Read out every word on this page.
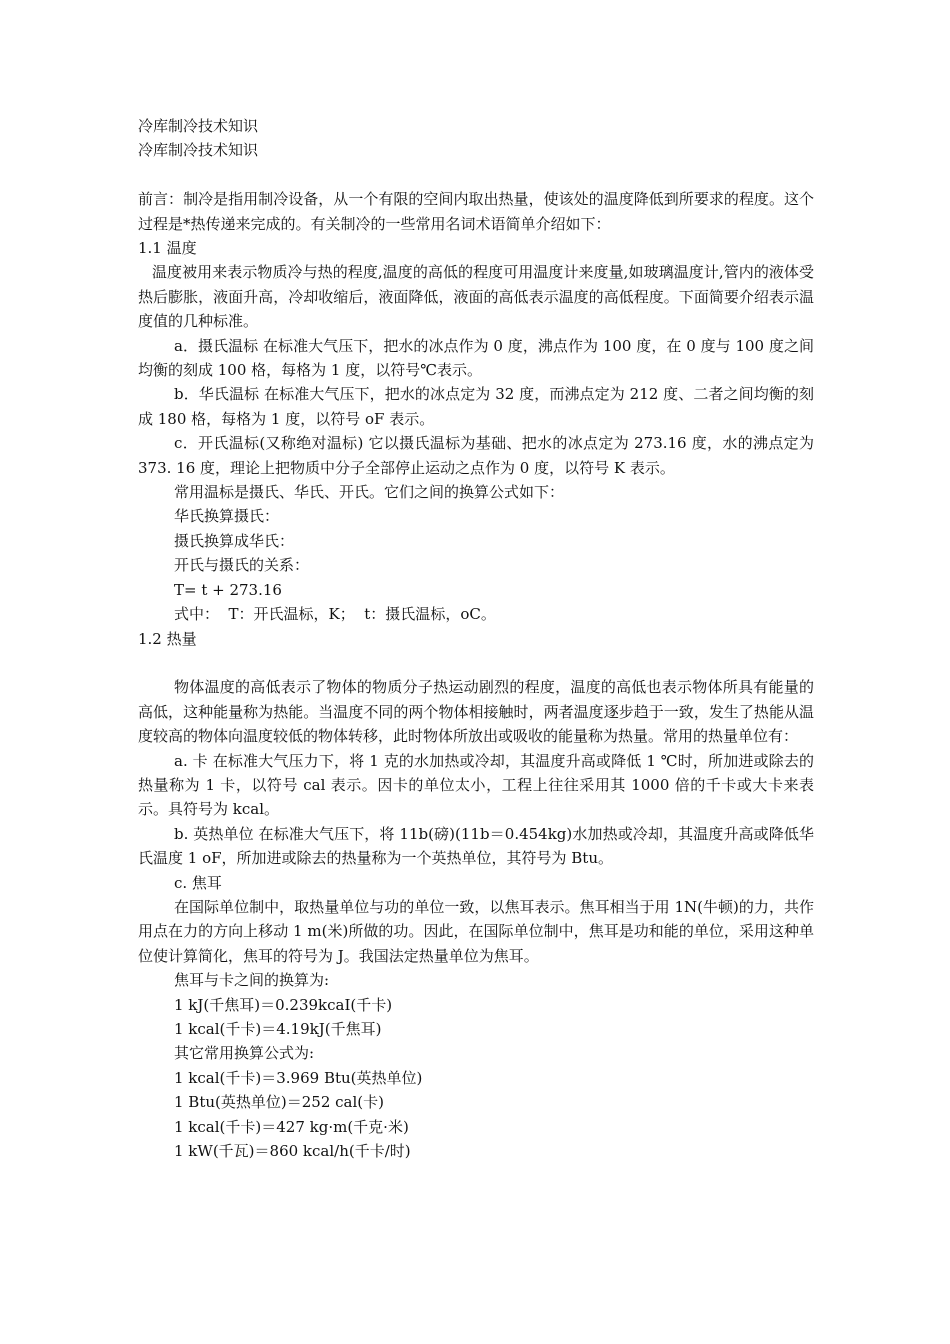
冷库制冷技术知识
冷库制冷技术知识
前言：制冷是指用制冷设备，从一个有限的空间内取出热量，使该处的温度降低到所要求的程度。这个过程是*热传递来完成的。有关制冷的一些常用名词术语简单介绍如下：
1.1 温度
温度被用来表示物质冷与热的程度,温度的高低的程度可用温度计来度量,如玻璃温度计,管内的液体受热后膨胀，液面升高，冷却收缩后，液面降低，液面的高低表示温度的高低程度。下面简要介绍表示温度值的几种标准。
a．摄氏温标 在标准大气压下，把水的冰点作为 0 度，沸点作为 100 度，在 0 度与 100 度之间均衡的刻成 100 格，每格为 1 度，以符号℃表示。
b．华氏温标 在标准大气压下，把水的冰点定为 32 度，而沸点定为 212 度、二者之间均衡的刻成 180 格，每格为 1 度，以符号 oF 表示。
c．开氏温标(又称绝对温标) 它以摄氏温标为基础、把水的冰点定为 273.16 度，水的沸点定为 373. 16 度，理论上把物质中分子全部停止运动之点作为 0 度，以符号 K 表示。
常用温标是摄氏、华氏、开氏。它们之间的换算公式如下：
华氏换算摄氏：
摄氏换算成华氏：
开氏与摄氏的关系：
T= t + 273.16
式中：  T：开氏温标，K；  t：摄氏温标，oC。
1.2 热量
物体温度的高低表示了物体的物质分子热运动剧烈的程度，温度的高低也表示物体所具有能量的高低，这种能量称为热能。当温度不同的两个物体相接触时，两者温度逐步趋于一致，发生了热能从温度较高的物体向温度较低的物体转移，此时物体所放出或吸收的能量称为热量。常用的热量单位有：
a. 卡 在标准大气压力下，将 1 克的水加热或冷却，其温度升高或降低 1 ℃时，所加进或除去的热量称为 1 卡，以符号 cal 表示。因卡的单位太小，工程上往往采用其 1000 倍的千卡或大卡来表示。具符号为 kcal。
b. 英热单位 在标准大气压下，将 11b(磅)(11b＝0.454kg)水加热或冷却，其温度升高或降低华氏温度 1 oF，所加进或除去的热量称为一个英热单位，其符号为 Btu。
c. 焦耳
在国际单位制中，取热量单位与功的单位一致，以焦耳表示。焦耳相当于用 1N(牛顿)的力，共作用点在力的方向上移动 1 m(米)所做的功。因此，在国际单位制中，焦耳是功和能的单位，采用这种单位使计算简化，焦耳的符号为 J。我国法定热量单位为焦耳。
焦耳与卡之间的换算为:
1 kJ(千焦耳)＝0.239kcaI(千卡)
1 kcal(千卡)＝4.19kJ(千焦耳)
其它常用换算公式为:
1 kcal(千卡)＝3.969 Btu(英热单位)
1 Btu(英热单位)＝252 cal(卡)
1 kcal(千卡)＝427 kg·m(千克·米)
1 kW(千瓦)＝860 kcal/h(千卡/时)
